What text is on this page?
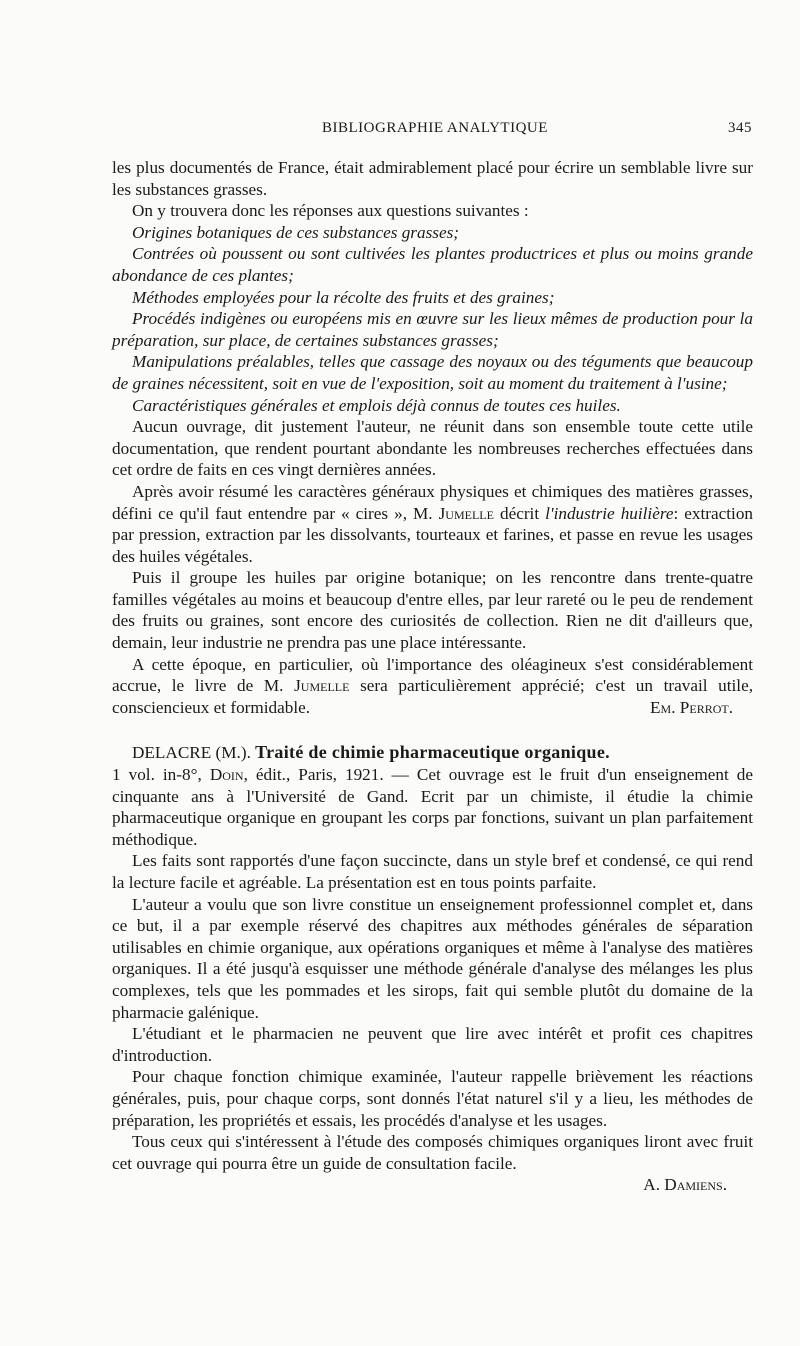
BIBLIOGRAPHIE ANALYTIQUE	345

les plus documentés de France, était admirablement placé pour écrire un semblable livre sur les substances grasses.

On y trouvera donc les réponses aux questions suivantes :

Origines botaniques de ces substances grasses;

Contrées où poussent ou sont cultivées les plantes productrices et plus ou moins grande abondance de ces plantes;

Méthodes employées pour la récolte des fruits et des graines;

Procédés indigènes ou européens mis en œuvre sur les lieux mêmes de production pour la préparation, sur place, de certaines substances grasses;

Manipulations préalables, telles que cassage des noyaux ou des téguments que beaucoup de graines nécessitent, soit en vue de l'exposition, soit au moment du traitement à l'usine;

Caractéristiques générales et emplois déjà connus de toutes ces huiles.

Aucun ouvrage, dit justement l'auteur, ne réunit dans son ensemble toute cette utile documentation, que rendent pourtant abondante les nombreuses recherches effectuées dans cet ordre de faits en ces vingt dernières années.

Après avoir résumé les caractères généraux physiques et chimiques des matières grasses, défini ce qu'il faut entendre par « cires », M. Jumelle décrit l'industrie huilière: extraction par pression, extraction par les dissolvants, tourteaux et farines, et passe en revue les usages des huiles végétales.

Puis il groupe les huiles par origine botanique; on les rencontre dans trente-quatre familles végétales au moins et beaucoup d'entre elles, par leur rareté ou le peu de rendement des fruits ou graines, sont encore des curiosités de collection. Rien ne dit d'ailleurs que, demain, leur industrie ne prendra pas une place intéressante.

A cette époque, en particulier, où l'importance des oléagineux s'est considérablement accrue, le livre de M. Jumelle sera particulièrement apprécié; c'est un travail utile, consciencieux et formidable.	Em. Perrot.

DELACRE (M.). Traité de chimie pharmaceutique organique.
1 vol. in-8°, Doin, édit., Paris, 1921. — Cet ouvrage est le fruit d'un enseignement de cinquante ans à l'Université de Gand. Ecrit par un chimiste, il étudie la chimie pharmaceutique organique en groupant les corps par fonctions, suivant un plan parfaitement méthodique.

Les faits sont rapportés d'une façon succincte, dans un style bref et condensé, ce qui rend la lecture facile et agréable. La présentation est en tous points parfaite.

L'auteur a voulu que son livre constitue un enseignement professionnel complet et, dans ce but, il a par exemple réservé des chapitres aux méthodes générales de séparation utilisables en chimie organique, aux opérations organiques et même à l'analyse des matières organiques. Il a été jusqu'à esquisser une méthode générale d'analyse des mélanges les plus complexes, tels que les pommades et les sirops, fait qui semble plutôt du domaine de la pharmacie galénique.

L'étudiant et le pharmacien ne peuvent que lire avec intérêt et profit ces chapitres d'introduction.

Pour chaque fonction chimique examinée, l'auteur rappelle brièvement les réactions générales, puis, pour chaque corps, sont donnés l'état naturel s'il y a lieu, les méthodes de préparation, les propriétés et essais, les procédés d'analyse et les usages.

Tous ceux qui s'intéressent à l'étude des composés chimiques organiques liront avec fruit cet ouvrage qui pourra être un guide de consultation facile.

A. Damiens.
